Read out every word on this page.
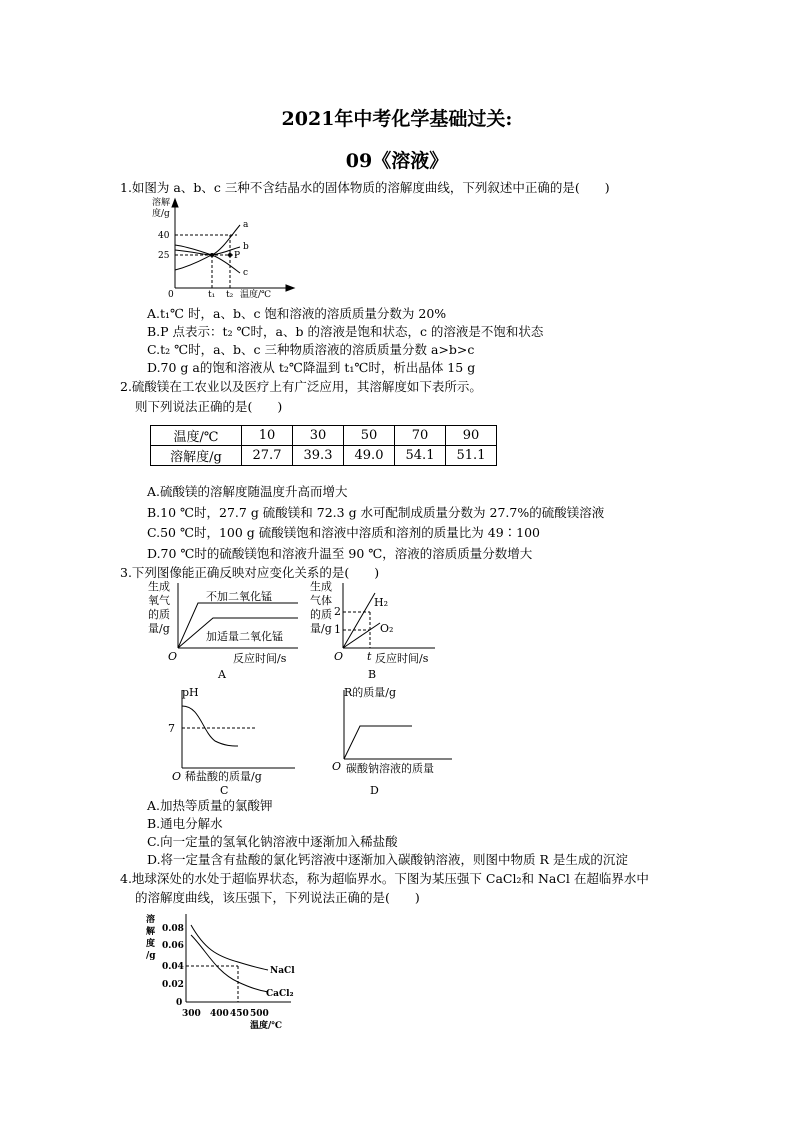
2021年中考化学基础过关:
09《溶液》
1.如图为 a、b、c 三种不含结晶水的固体物质的溶解度曲线，下列叙述中正确的是(　　)
溶解
度/g
40
25
0	t₁ t₂ 温度/℃
a
b
c
P
A.t₁℃ 时，a、b、c 饱和溶液的溶质质量分数为 20%
B.P 点表示：t₂ ℃时，a、b 的溶液是饱和状态，c 的溶液是不饱和状态
C.t₂ ℃时，a、b、c 三种物质溶液的溶质质量分数 a>b>c
D.70 g a的饱和溶液从 t₂℃降温到 t₁℃时，析出晶体 15 g
2.硫酸镁在工农业以及医疗上有广泛应用，其溶解度如下表所示。
则下列说法正确的是(　　)
温度/℃	10	30	50	70	90
溶解度/g	27.7	39.3	49.0	54.1	51.1
A.硫酸镁的溶解度随温度升高而增大
B.10 ℃时，27.7 g 硫酸镁和 72.3 g 水可配制成质量分数为 27.7%的硫酸镁溶液
C.50 ℃时，100 g 硫酸镁饱和溶液中溶质和溶剂的质量比为 49∶100
D.70 ℃时的硫酸镁饱和溶液升温至 90 ℃，溶液的溶质质量分数增大
3.下列图像能正确反映对应变化关系的是(　　)
生成
氧气
的质
量/g
不加二氧化锰
加适量二氧化锰
O	反应时间/s
A
生成
气体
的质
量/g
2
1
H₂
O₂
O t 反应时间/s
B
pH
7
O 稀盐酸的质量/g
C
R的质量/g
O 碳酸钠溶液的质量
D
A.加热等质量的氯酸钾
B.通电分解水
C.向一定量的氢氧化钠溶液中逐渐加入稀盐酸
D.将一定量含有盐酸的氯化钙溶液中逐渐加入碳酸钠溶液，则图中物质 R 是生成的沉淀
4.地球深处的水处于超临界状态，称为超临界水。下图为某压强下 CaCl₂和 NaCl 在超临界水中
的溶解度曲线，该压强下，下列说法正确的是(　　)
溶
解
度
/g
0.08
0.06
0.04
0.02
0
300 400 450 500
温度/℃
NaCl
CaCl₂
